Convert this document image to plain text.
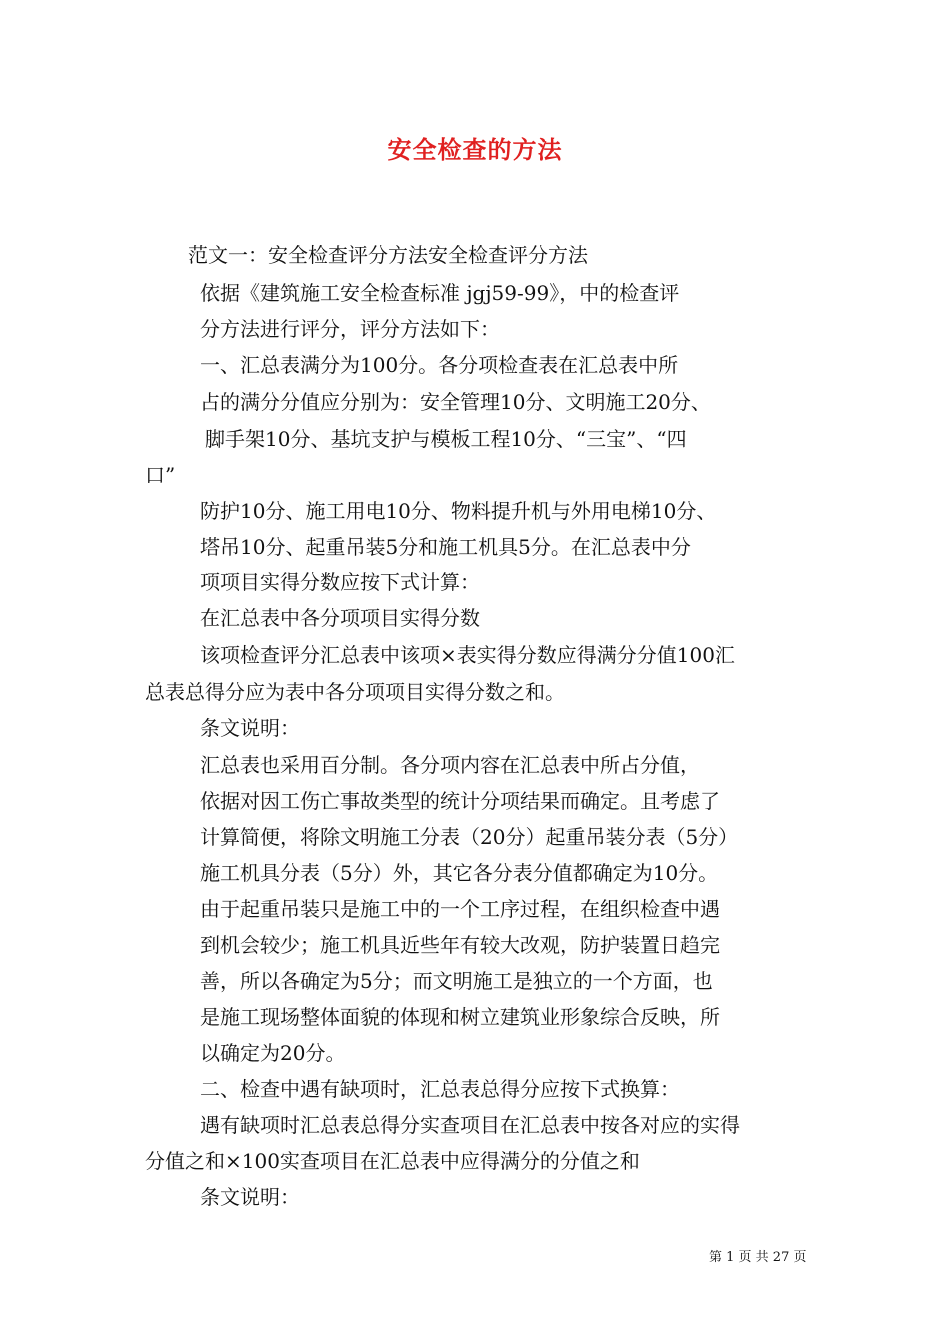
安全检查的方法
范文一：安全检查评分方法安全检查评分方法
依据《建筑施工安全检查标准 jgj59-99》，中的检查评
分方法进行评分，评分方法如下：
一、汇总表满分为100分。各分项检查表在汇总表中所
占的满分分值应分别为：安全管理10分、文明施工20分、
脚手架10分、基坑支护与模板工程10分、“三宝”、“四
口”
防护10分、施工用电10分、物料提升机与外用电梯10分、
塔吊10分、起重吊装5分和施工机具5分。在汇总表中分
项项目实得分数应按下式计算：
在汇总表中各分项项目实得分数
该项检查评分汇总表中该项×表实得分数应得满分分值100汇
总表总得分应为表中各分项项目实得分数之和。
条文说明：
汇总表也采用百分制。各分项内容在汇总表中所占分值，
依据对因工伤亡事故类型的统计分项结果而确定。且考虑了
计算简便，将除文明施工分表（20分）起重吊装分表（5分）
施工机具分表（5分）外，其它各分表分值都确定为10分。
由于起重吊装只是施工中的一个工序过程，在组织检查中遇
到机会较少；施工机具近些年有较大改观，防护装置日趋完
善，所以各确定为5分；而文明施工是独立的一个方面，也
是施工现场整体面貌的体现和树立建筑业形象综合反映，所
以确定为20分。
二、检查中遇有缺项时，汇总表总得分应按下式换算：
遇有缺项时汇总表总得分实查项目在汇总表中按各对应的实得
分值之和×100实查项目在汇总表中应得满分的分值之和
条文说明：
第 1 页 共 27 页
